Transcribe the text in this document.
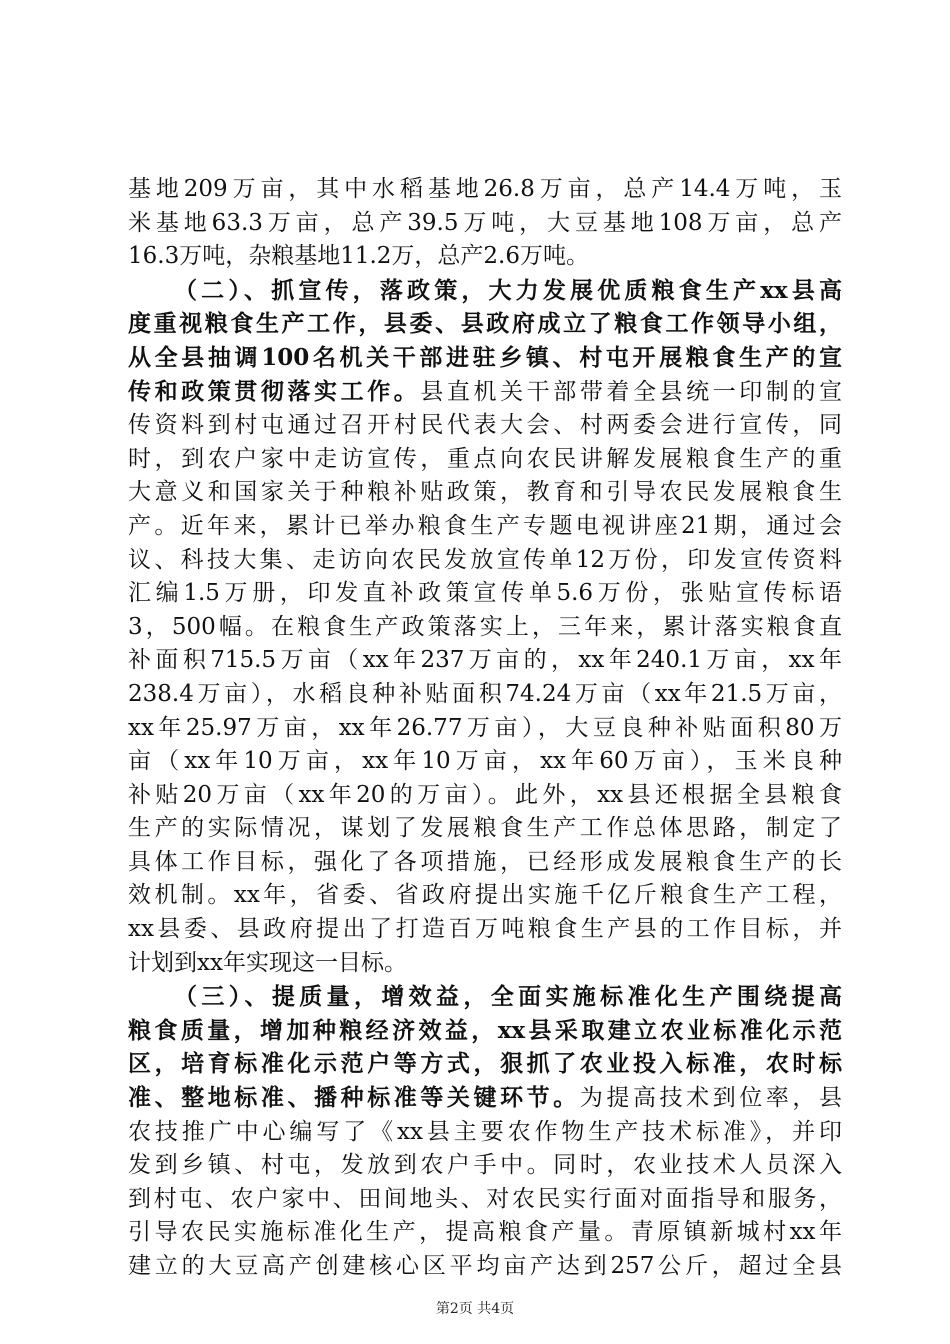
基地209万亩，其中水稻基地26.8万亩，总产14.4万吨，玉
米基地63.3万亩，总产39.5万吨，大豆基地108万亩，总产
16.3万吨，杂粮基地11.2万，总产2.6万吨。
（二）、抓宣传，落政策，大力发展优质粮食生产xx县高
度重视粮食生产工作，县委、县政府成立了粮食工作领导小组，
从全县抽调100名机关干部进驻乡镇、村屯开展粮食生产的宣
传和政策贯彻落实工作。县直机关干部带着全县统一印制的宣
传资料到村屯通过召开村民代表大会、村两委会进行宣传，同
时，到农户家中走访宣传，重点向农民讲解发展粮食生产的重
大意义和国家关于种粮补贴政策，教育和引导农民发展粮食生
产。近年来，累计已举办粮食生产专题电视讲座21期，通过会
议、科技大集、走访向农民发放宣传单12万份，印发宣传资料
汇编1.5万册，印发直补政策宣传单5.6万份，张贴宣传标语
3，500幅。在粮食生产政策落实上，三年来，累计落实粮食直
补面积715.5万亩（xx年237万亩的，xx年240.1万亩，xx年
238.4万亩），水稻良种补贴面积74.24万亩（xx年21.5万亩，
xx年25.97万亩，xx年26.77万亩），大豆良种补贴面积80万
亩（xx年10万亩，xx年10万亩，xx年60万亩），玉米良种
补贴20万亩（xx年20的万亩）。此外，xx县还根据全县粮食
生产的实际情况，谋划了发展粮食生产工作总体思路，制定了
具体工作目标，强化了各项措施，已经形成发展粮食生产的长
效机制。xx年，省委、省政府提出实施千亿斤粮食生产工程，
xx县委、县政府提出了打造百万吨粮食生产县的工作目标，并
计划到xx年实现这一目标。
（三）、提质量，增效益，全面实施标准化生产围绕提高
粮食质量，增加种粮经济效益，xx县采取建立农业标准化示范
区，培育标准化示范户等方式，狠抓了农业投入标准，农时标
准、整地标准、播种标准等关键环节。为提高技术到位率，县
农技推广中心编写了《xx县主要农作物生产技术标准》，并印
发到乡镇、村屯，发放到农户手中。同时，农业技术人员深入
到村屯、农户家中、田间地头、对农民实行面对面指导和服务，
引导农民实施标准化生产，提高粮食产量。青原镇新城村xx年
建立的大豆高产创建核心区平均亩产达到257公斤，超过全县
第2页 共4页
